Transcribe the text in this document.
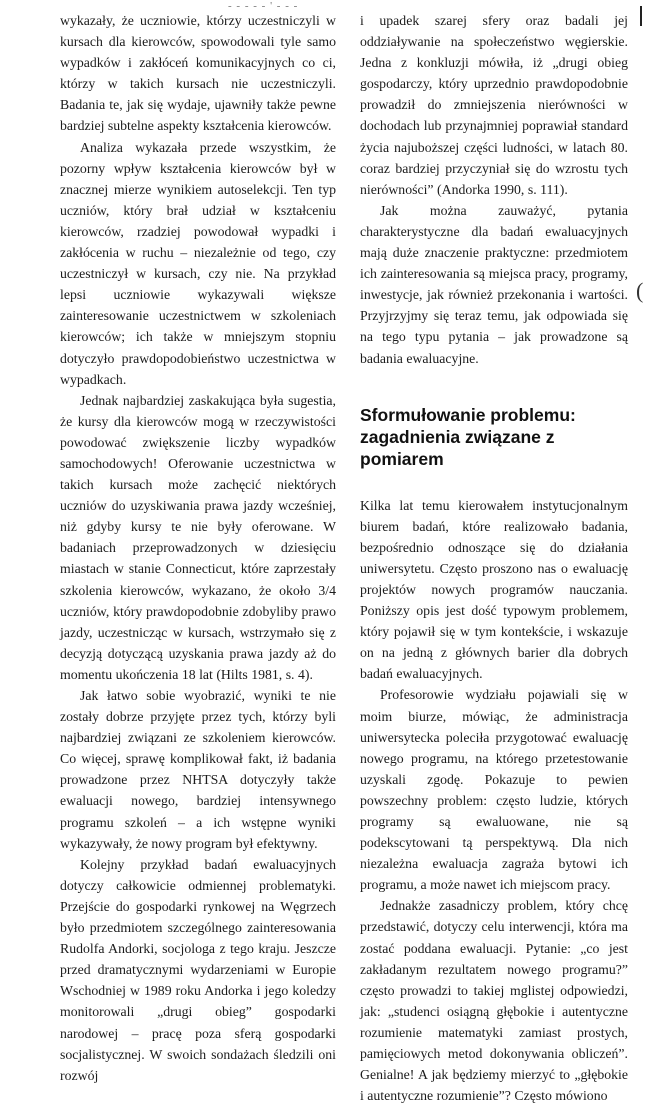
- - - - - ' - - -
(

wykazały, że uczniowie, którzy uczestniczyli w kursach dla kierowców, spowodowali tyle samo wypadków i zakłóceń komunikacyjnych co ci, którzy w takich kursach nie uczestniczyli. Badania te, jak się wydaje, ujawniły także pewne bardziej subtelne aspekty kształcenia kierowców.

Analiza wykazała przede wszystkim, że pozorny wpływ kształcenia kierowców był w znacznej mierze wynikiem autoselekcji. Ten typ uczniów, który brał udział w kształceniu kierowców, rzadziej powodował wypadki i zakłócenia w ruchu – niezależnie od tego, czy uczestniczył w kursach, czy nie. Na przykład lepsi uczniowie wykazywali większe zainteresowanie uczestnictwem w szkoleniach kierowców; ich także w mniejszym stopniu dotyczyło prawdopodobieństwo uczestnictwa w wypadkach.

Jednak najbardziej zaskakująca była sugestia, że kursy dla kierowców mogą w rzeczywistości powodować zwiększenie liczby wypadków samochodowych! Oferowanie uczestnictwa w takich kursach może zachęcić niektórych uczniów do uzyskiwania prawa jazdy wcześniej, niż gdyby kursy te nie były oferowane. W badaniach przeprowadzonych w dziesięciu miastach w stanie Connecticut, które zaprzestały szkolenia kierowców, wykazano, że około 3/4 uczniów, który prawdopodobnie zdobyliby prawo jazdy, uczestnicząc w kursach, wstrzymało się z decyzją dotyczącą uzyskania prawa jazdy aż do momentu ukończenia 18 lat (Hilts 1981, s. 4).

Jak łatwo sobie wyobrazić, wyniki te nie zostały dobrze przyjęte przez tych, którzy byli najbardziej związani ze szkoleniem kierowców. Co więcej, sprawę komplikował fakt, iż badania prowadzone przez NHTSA dotyczyły także ewaluacji nowego, bardziej intensywnego programu szkoleń – a ich wstępne wyniki wykazywały, że nowy program był efektywny.

Kolejny przykład badań ewaluacyjnych dotyczy całkowicie odmiennej problematyki. Przejście do gospodarki rynkowej na Węgrzech było przedmiotem szczególnego zainteresowania Rudolfa Andorki, socjologa z tego kraju. Jeszcze przed dramatycznymi wydarzeniami w Europie Wschodniej w 1989 roku Andorka i jego koledzy monitorowali „drugi obieg” gospodarki narodowej – pracę poza sferą gospodarki socjalistycznej. W swoich sondażach śledzili oni rozwój

i upadek szarej sfery oraz badali jej oddziaływanie na społeczeństwo węgierskie. Jedna z konkluzji mówiła, iż „drugi obieg gospodarczy, który uprzednio prawdopodobnie prowadził do zmniejszenia nierówności w dochodach lub przynajmniej poprawiał standard życia najuboższej części ludności, w latach 80. coraz bardziej przyczyniał się do wzrostu tych nierówności” (Andorka 1990, s. 111).

Jak można zauważyć, pytania charakterystyczne dla badań ewaluacyjnych mają duże znaczenie praktyczne: przedmiotem ich zainteresowania są miejsca pracy, programy, inwestycje, jak również przekonania i wartości. Przyjrzyjmy się teraz temu, jak odpowiada się na tego typu pytania – jak prowadzone są badania ewaluacyjne.

Sformułowanie problemu:
zagadnienia związane z pomiarem

Kilka lat temu kierowałem instytucjonalnym biurem badań, które realizowało badania, bezpośrednio odnoszące się do działania uniwersytetu. Często proszono nas o ewaluację projektów nowych programów nauczania. Poniższy opis jest dość typowym problemem, który pojawił się w tym kontekście, i wskazuje on na jedną z głównych barier dla dobrych badań ewaluacyjnych.

Profesorowie wydziału pojawiali się w moim biurze, mówiąc, że administracja uniwersytecka poleciła przygotować ewaluację nowego programu, na którego przetestowanie uzyskali zgodę. Pokazuje to pewien powszechny problem: często ludzie, których programy są ewaluowane, nie są podekscytowani tą perspektywą. Dla nich niezależna ewaluacja zagraża bytowi ich programu, a może nawet ich miejscom pracy.

Jednakże zasadniczy problem, który chcę przedstawić, dotyczy celu interwencji, która ma zostać poddana ewaluacji. Pytanie: „co jest zakładanym rezultatem nowego programu?” często prowadzi to takiej mglistej odpowiedzi, jak: „studenci osiągną głębokie i autentyczne rozumienie matematyki zamiast prostych, pamięciowych metod dokonywania obliczeń”. Genialne! A jak będziemy mierzyć to „głębokie i autentyczne rozumienie”? Często mówiono
